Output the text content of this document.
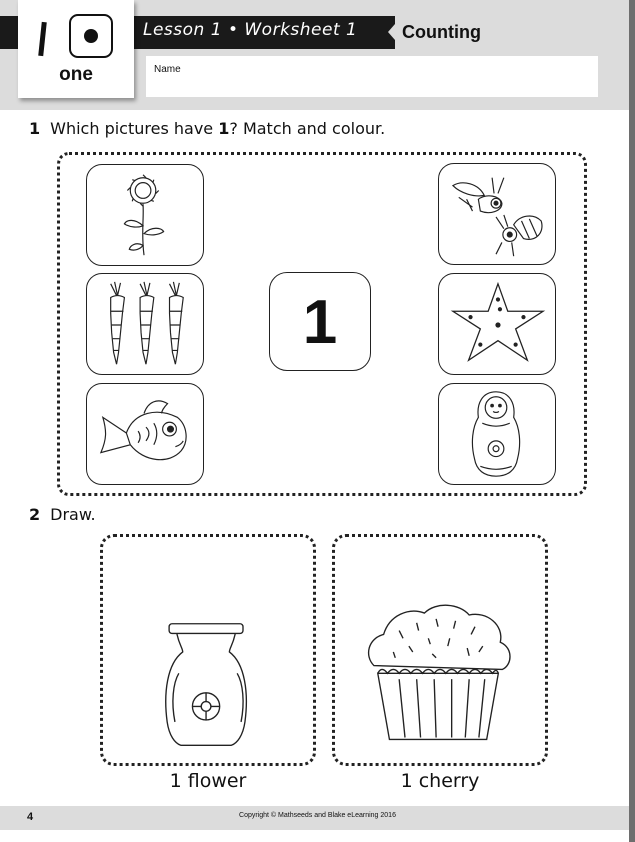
Lesson 1 • Worksheet 1 Counting
one	Name
1 Which pictures have 1? Match and colour.
1
2 Draw.
1 flower	1 cherry
4	Copyright © Mathseeds and Blake eLearning 2016
